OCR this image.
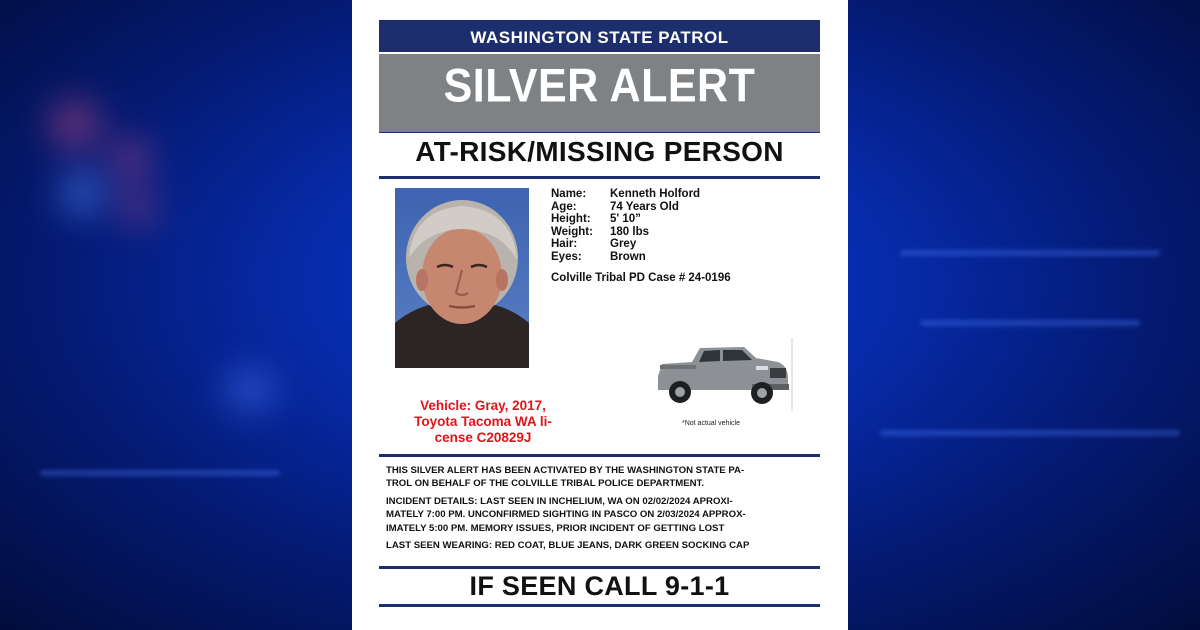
WASHINGTON STATE PATROL
SILVER ALERT
AT-RISK/MISSING PERSON
Name:	Kenneth Holford
Age:	74 Years Old
Height:	5' 10”
Weight:	180 lbs
Hair:	Grey
Eyes:	Brown
Colville Tribal PD Case # 24-0196
Vehicle: Gray, 2017,
Toyota Tacoma WA li-
cense C20829J
*Not actual vehicle

THIS SILVER ALERT HAS BEEN ACTIVATED BY THE WASHINGTON STATE PA-
TROL ON BEHALF OF THE COLVILLE TRIBAL POLICE DEPARTMENT.

INCIDENT DETAILS: LAST SEEN IN INCHELIUM, WA ON 02/02/2024 APROXI-
MATELY 7:00 PM. UNCONFIRMED SIGHTING IN PASCO ON 2/03/2024 APPROX-
IMATELY 5:00 PM. MEMORY ISSUES, PRIOR INCIDENT OF GETTING LOST

LAST SEEN WEARING: RED COAT, BLUE JEANS, DARK GREEN SOCKING CAP

IF SEEN CALL 9-1-1
